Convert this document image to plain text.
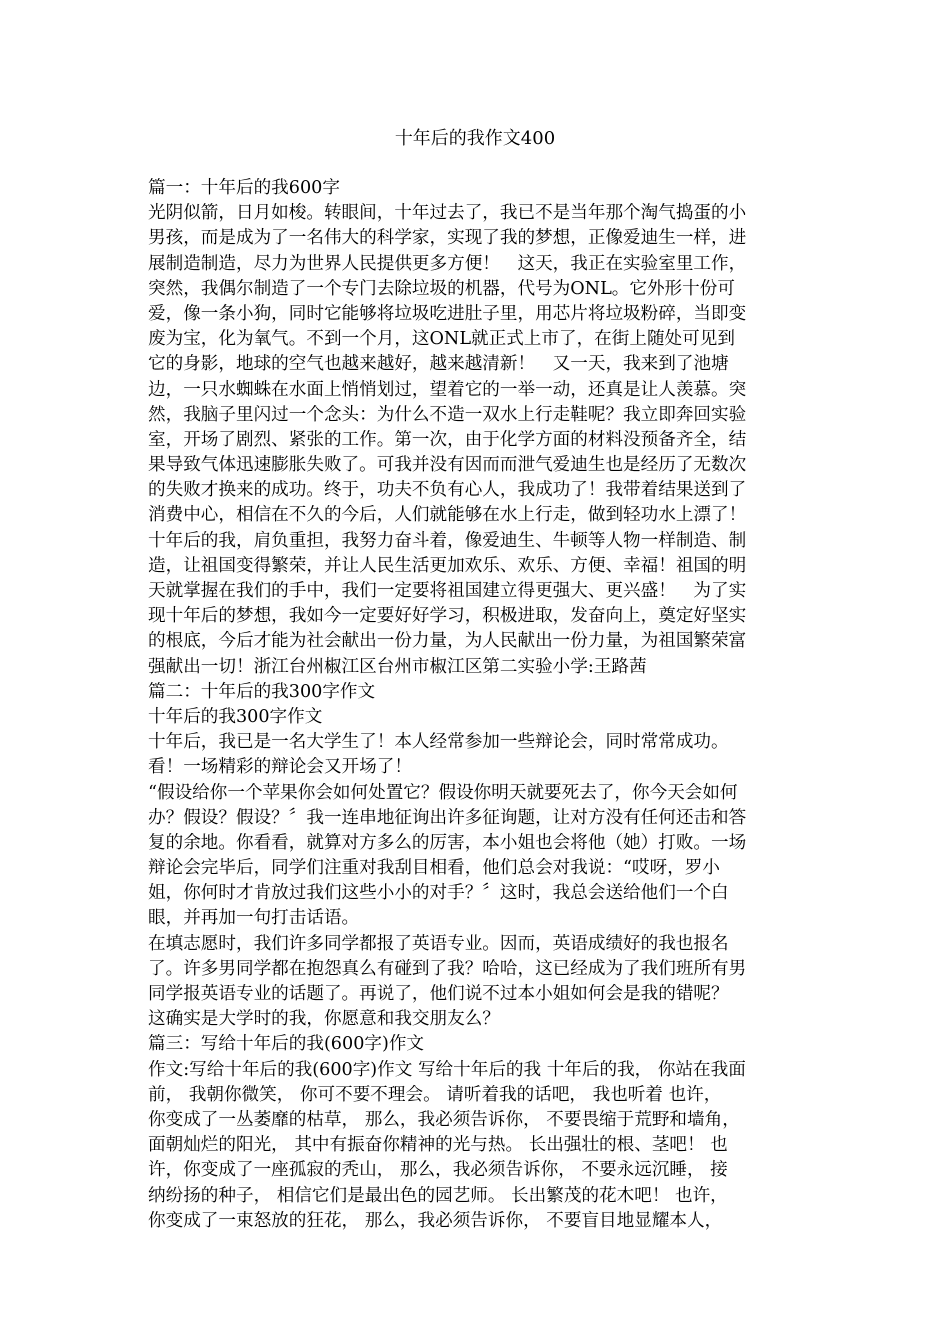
十年后的我作文400
篇一：十年后的我600字
光阴似箭，日月如梭。转眼间，十年过去了，我已不是当年那个淘气捣蛋的小
男孩，而是成为了一名伟大的科学家，实现了我的梦想，正像爱迪生一样，进
展制造制造，尽力为世界人民提供更多方便！　这天，我正在实验室里工作，
突然，我偶尔制造了一个专门去除垃圾的机器，代号为ONL。它外形十份可
爱，像一条小狗，同时它能够将垃圾吃进肚子里，用芯片将垃圾粉碎，当即变
废为宝，化为氧气。不到一个月，这ONL就正式上市了，在街上随处可见到
它的身影，地球的空气也越来越好，越来越清新！　又一天，我来到了池塘
边，一只水蜘蛛在水面上悄悄划过，望着它的一举一动，还真是让人羡慕。突
然，我脑子里闪过一个念头：为什么不造一双水上行走鞋呢？我立即奔回实验
室，开场了剧烈、紧张的工作。第一次，由于化学方面的材料没预备齐全，结
果导致气体迅速膨胀失败了。可我并没有因而而泄气爱迪生也是经历了无数次
的失败才换来的成功。终于，功夫不负有心人，我成功了！我带着结果送到了
消费中心，相信在不久的今后，人们就能够在水上行走，做到轻功水上漂了！
十年后的我，肩负重担，我努力奋斗着，像爱迪生、牛顿等人物一样制造、制
造，让祖国变得繁荣，并让人民生活更加欢乐、欢乐、方便、幸福！祖国的明
天就掌握在我们的手中，我们一定要将祖国建立得更强大、更兴盛！　为了实
现十年后的梦想，我如今一定要好好学习，积极进取，发奋向上，奠定好坚实
的根底，今后才能为社会献出一份力量，为人民献出一份力量，为祖国繁荣富
强献出一切！浙江台州椒江区台州市椒江区第二实验小学:王路茜
篇二：十年后的我300字作文
十年后的我300字作文
十年后，我已是一名大学生了！本人经常参加一些辩论会，同时常常成功。
看！一场精彩的辩论会又开场了！
“假设给你一个苹果你会如何处置它？假设你明天就要死去了，你今天会如何
办？假设？假设？〞我一连串地征询出许多征询题，让对方没有任何还击和答
复的余地。你看看，就算对方多么的厉害，本小姐也会将他（她）打败。一场
辩论会完毕后，同学们注重对我刮目相看，他们总会对我说：“哎呀，罗小
姐，你何时才肯放过我们这些小小的对手？〞这时，我总会送给他们一个白
眼，并再加一句打击话语。
在填志愿时，我们许多同学都报了英语专业。因而，英语成绩好的我也报名
了。许多男同学都在抱怨真么有碰到了我？哈哈，这已经成为了我们班所有男
同学报英语专业的话题了。再说了，他们说不过本小姐如何会是我的错呢？
这确实是大学时的我，你愿意和我交朋友么？
篇三：写给十年后的我(600字)作文
作文:写给十年后的我(600字)作文 写给十年后的我 十年后的我， 你站在我面
前， 我朝你微笑， 你可不要不理会。 请听着我的话吧， 我也听着 也许，
你变成了一丛萎靡的枯草， 那么，我必须告诉你， 不要畏缩于荒野和墙角，
面朝灿烂的阳光， 其中有振奋你精神的光与热。 长出强壮的根、茎吧！ 也
许，你变成了一座孤寂的秃山， 那么，我必须告诉你， 不要永远沉睡， 接
纳纷扬的种子， 相信它们是最出色的园艺师。 长出繁茂的花木吧！ 也许，
你变成了一束怒放的狂花， 那么，我必须告诉你， 不要盲目地显耀本人，
